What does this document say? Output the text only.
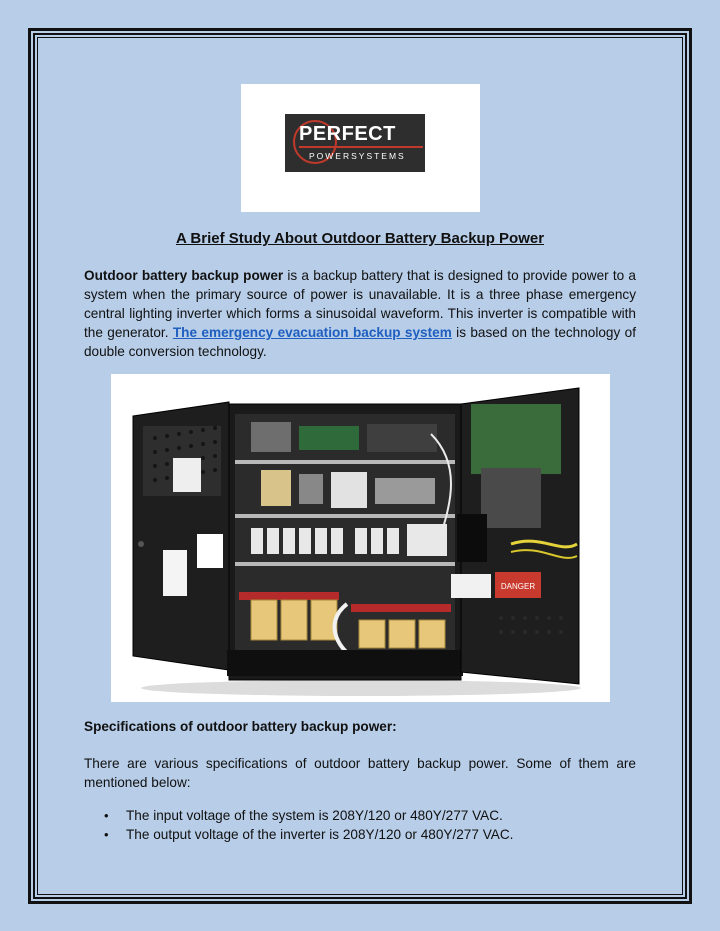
PERFECT
POWERSYSTEMS
A Brief Study About Outdoor Battery Backup Power
Outdoor battery backup power is a backup battery that is designed to provide power to a system when the primary source of power is unavailable. It is a three phase emergency central lighting inverter which forms a sinusoidal waveform. This inverter is compatible with the generator. The emergency evacuation backup system is based on the technology of double conversion technology.
DANGER
Specifications of outdoor battery backup power:
There are various specifications of outdoor battery backup power. Some of them are mentioned below:
• The input voltage of the system is 208Y/120 or 480Y/277 VAC.
• The output voltage of the inverter is 208Y/120 or 480Y/277 VAC.
